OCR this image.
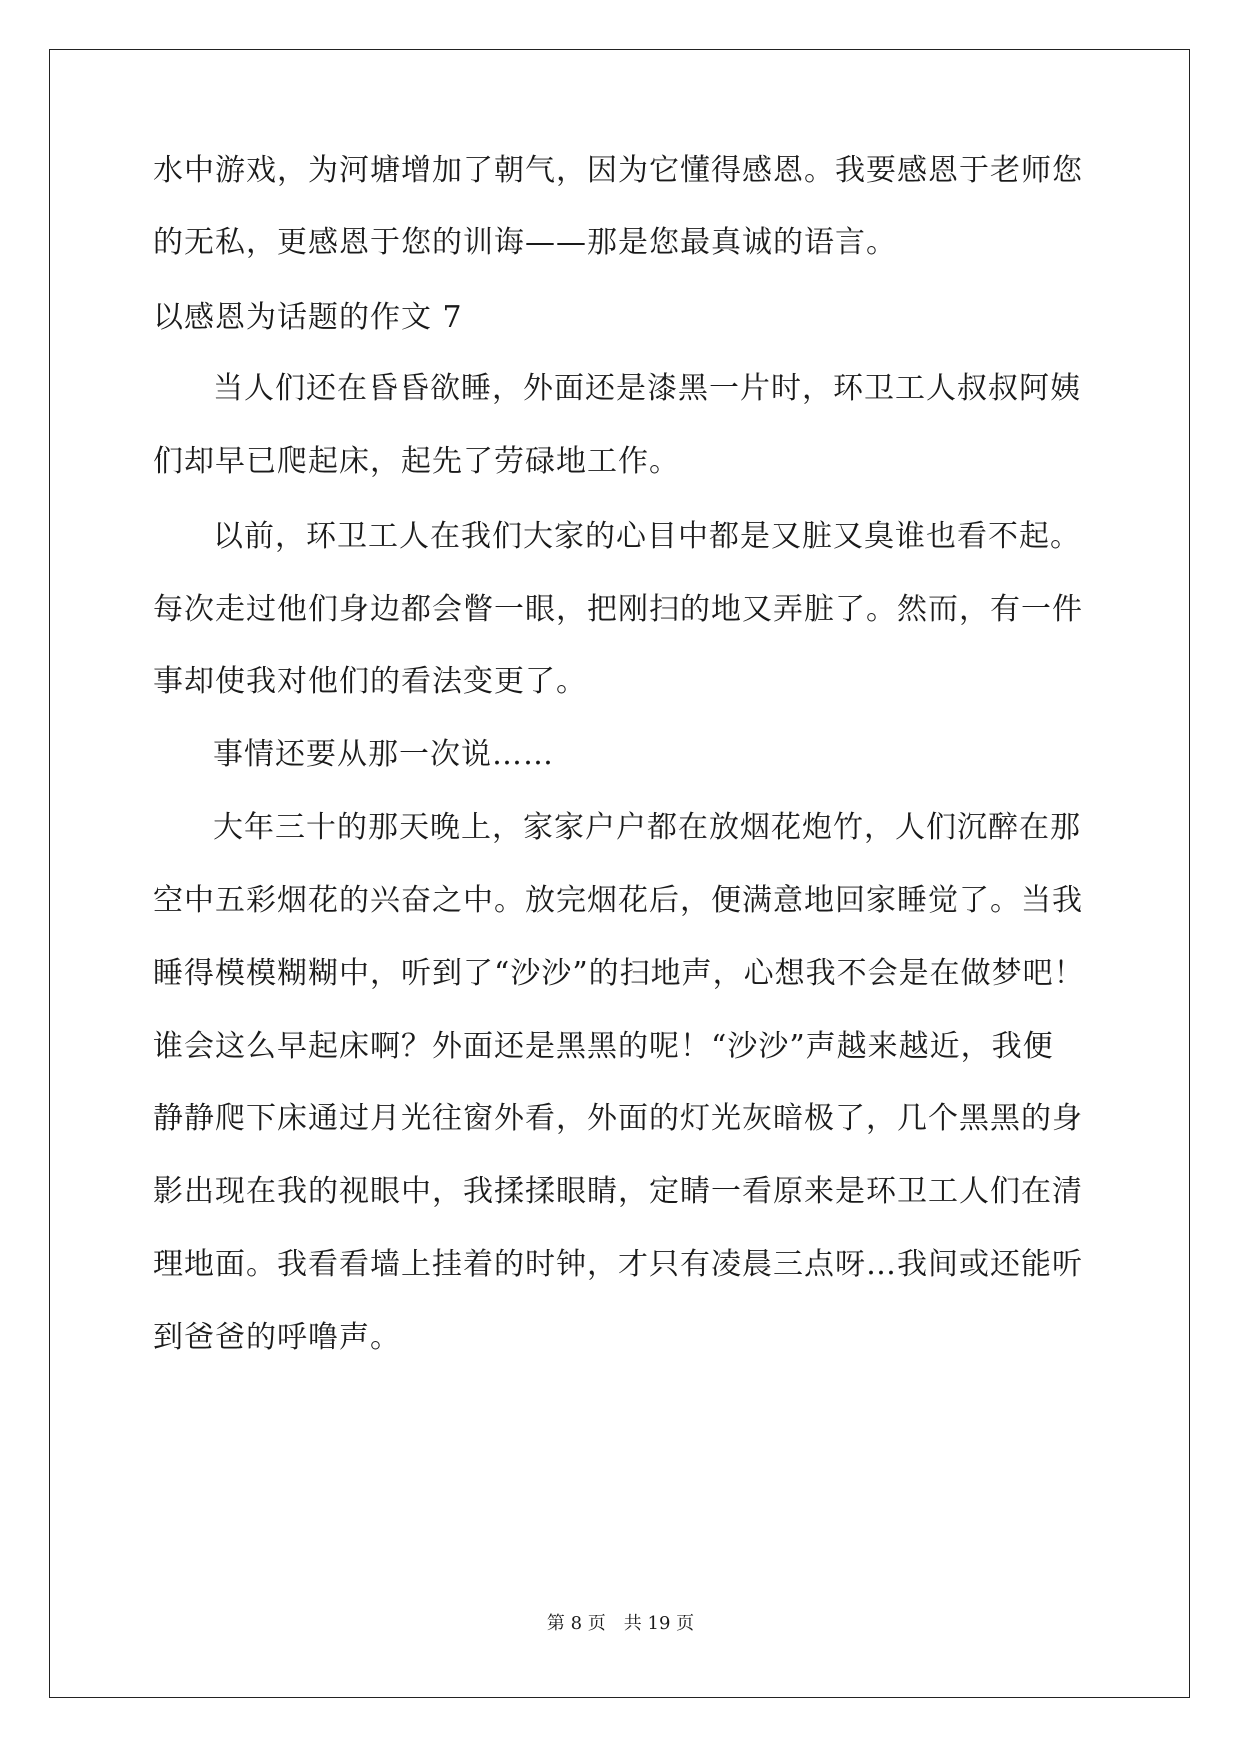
水中游戏，为河塘增加了朝气，因为它懂得感恩。我要感恩于老师您
的无私，更感恩于您的训诲——那是您最真诚的语言。
以感恩为话题的作文 7
当人们还在昏昏欲睡，外面还是漆黑一片时，环卫工人叔叔阿姨
们却早已爬起床，起先了劳碌地工作。
以前，环卫工人在我们大家的心目中都是又脏又臭谁也看不起。
每次走过他们身边都会瞥一眼，把刚扫的地又弄脏了。然而，有一件
事却使我对他们的看法变更了。
事情还要从那一次说……
大年三十的那天晚上，家家户户都在放烟花炮竹，人们沉醉在那
空中五彩烟花的兴奋之中。放完烟花后，便满意地回家睡觉了。当我
睡得模模糊糊中，听到了“沙沙”的扫地声，心想我不会是在做梦吧！
谁会这么早起床啊？外面还是黑黑的呢！“沙沙”声越来越近，我便
静静爬下床通过月光往窗外看，外面的灯光灰暗极了，几个黑黑的身
影出现在我的视眼中，我揉揉眼睛，定睛一看原来是环卫工人们在清
理地面。我看看墙上挂着的时钟，才只有凌晨三点呀…我间或还能听
到爸爸的呼噜声。
第 8 页　共 19 页
